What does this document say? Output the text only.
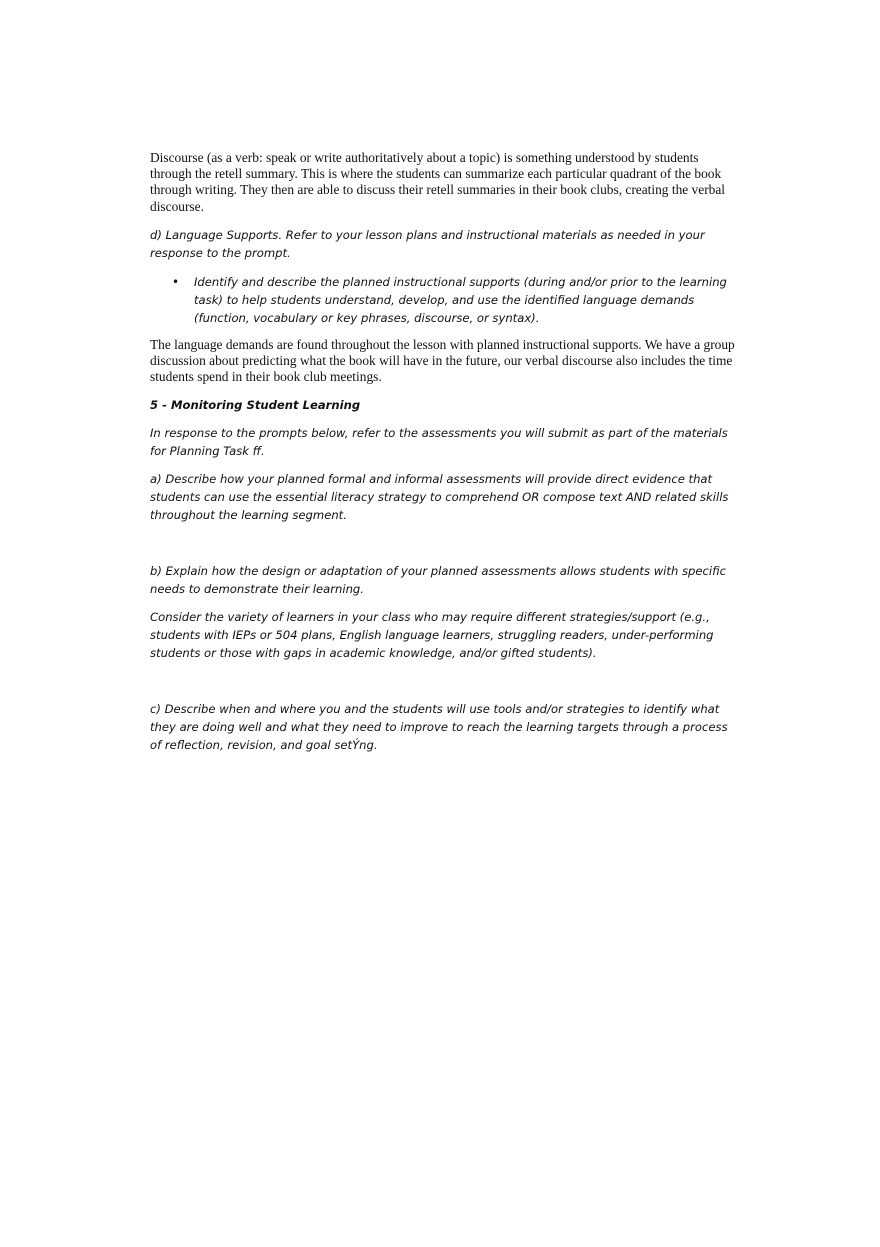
Discourse (as a verb: speak or write authoritatively about a topic) is something understood by students through the retell summary. This is where the students can summarize each particular quadrant of the book through writing. They then are able to discuss their retell summaries in their book clubs, creating the verbal discourse.

d) Language Supports. Refer to your lesson plans and instructional materials as needed in your response to the prompt.

• Identify and describe the planned instructional supports (during and/or prior to the learning task) to help students understand, develop, and use the identified language demands (function, vocabulary or key phrases, discourse, or syntax).

The language demands are found throughout the lesson with planned instructional supports. We have a group discussion about predicting what the book will have in the future, our verbal discourse also includes the time students spend in their book club meetings.

5 - Monitoring Student Learning

In response to the prompts below, refer to the assessments you will submit as part of the materials for Planning Task ﬀ.

a) Describe how your planned formal and informal assessments will provide direct evidence that students can use the essential literacy strategy to comprehend OR compose text AND related skills throughout the learning segment.

b) Explain how the design or adaptation of your planned assessments allows students with specific needs to demonstrate their learning.

Consider the variety of learners in your class who may require different strategies/support (e.g., students with IEPs or 504 plans, English language learners, struggling readers, under-performing students or those with gaps in academic knowledge, and/or gifted students).

c) Describe when and where you and the students will use tools and/or strategies to identify what they are doing well and what they need to improve to reach the learning targets through a process of reflection, revision, and goal setÝng.
